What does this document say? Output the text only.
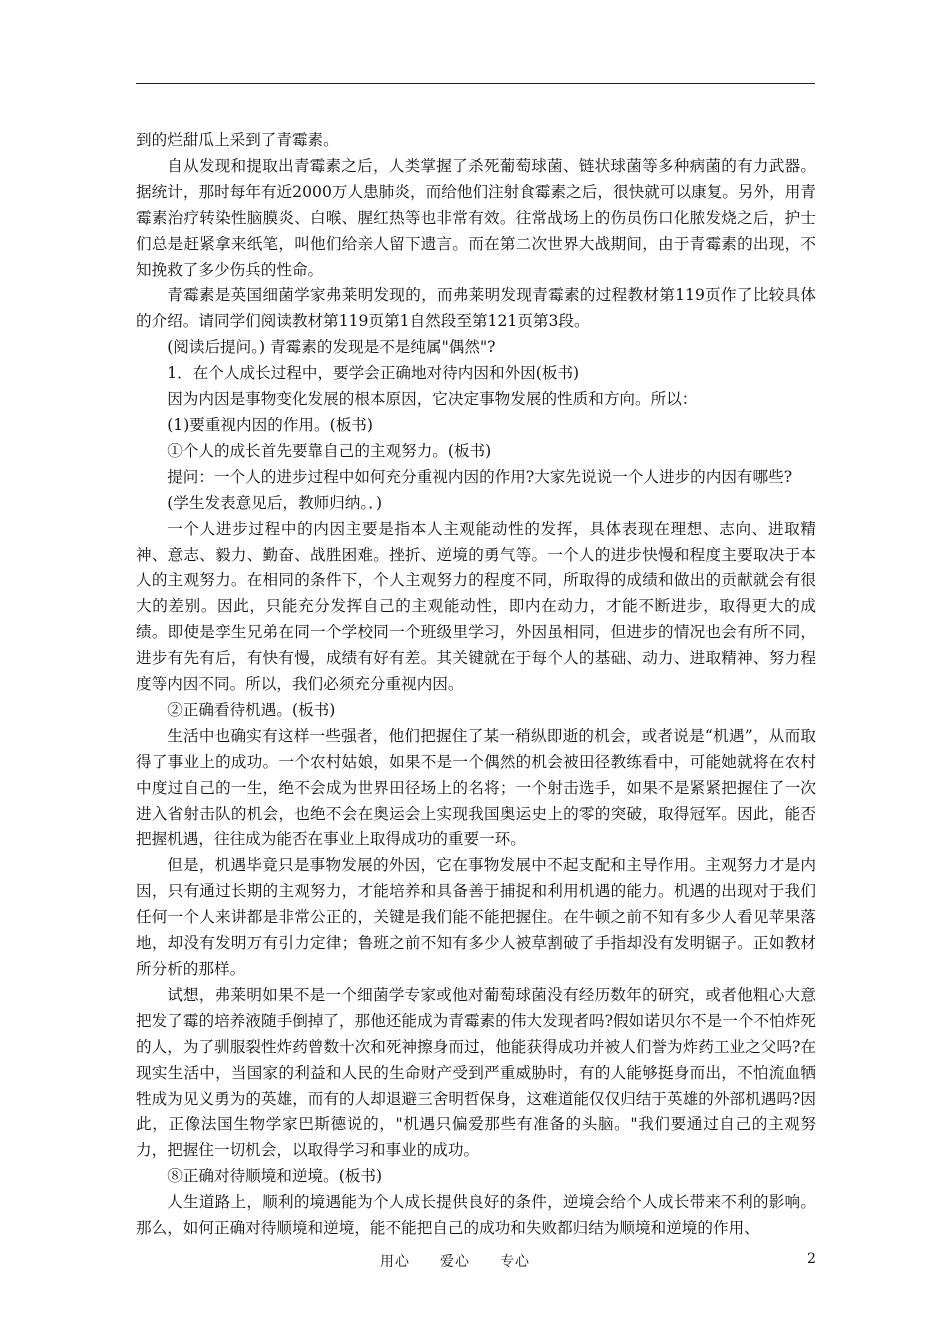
到的烂甜瓜上采到了青霉素。

自从发现和提取出青霉素之后，人类掌握了杀死葡萄球菌、链状球菌等多种病菌的有力武器。据统计，那时每年有近2000万人患肺炎，而给他们注射食霉素之后，很快就可以康复。另外，用青霉素治疗转染性脑膜炎、白喉、腥红热等也非常有效。往常战场上的伤员伤口化脓发烧之后，护士们总是赶紧拿来纸笔，叫他们给亲人留下遗言。而在第二次世界大战期间，由于青霉素的出现，不知挽救了多少伤兵的性命。

青霉素是英国细菌学家弗莱明发现的，而弗莱明发现青霉素的过程教材第119页作了比较具体的介绍。请同学们阅读教材第119页第1自然段至第121页第3段。

(阅读后提问。) 青霉素的发现是不是纯属"偶然"?

1．在个人成长过程中，要学会正确地对待内因和外因(板书)

因为内因是事物变化发展的根本原因，它决定事物发展的性质和方向。所以：

(1)要重视内因的作用。(板书)

①个人的成长首先要靠自己的主观努力。(板书)

提问：一个人的进步过程中如何充分重视内因的作用?大家先说说一个人进步的内因有哪些?

(学生发表意见后，教师归纳。．)

一个人进步过程中的内因主要是指本人主观能动性的发挥，具体表现在理想、志向、进取精神、意志、毅力、勤奋、战胜困难。挫折、逆境的勇气等。一个人的进步快慢和程度主要取决于本人的主观努力。在相同的条件下，个人主观努力的程度不同，所取得的成绩和做出的贡献就会有很大的差别。因此，只能充分发挥自己的主观能动性，即内在动力，才能不断进步，取得更大的成绩。即使是孪生兄弟在同一个学校同一个班级里学习，外因虽相同，但进步的情况也会有所不同，进步有先有后，有快有慢，成绩有好有差。其关键就在于每个人的基础、动力、进取精神、努力程度等内因不同。所以，我们必须充分重视内因。

②正确看待机遇。(板书)

生活中也确实有这样一些强者，他们把握住了某一稍纵即逝的机会，或者说是“机遇”，从而取得了事业上的成功。一个农村姑娘，如果不是一个偶然的机会被田径教练看中，可能她就将在农村中度过自己的一生，绝不会成为世界田径场上的名将；一个射击选手，如果不是紧紧把握住了一次进入省射击队的机会，也绝不会在奥运会上实现我国奥运史上的零的突破，取得冠军。因此，能否把握机遇，往往成为能否在事业上取得成功的重要一环。

但是，机遇毕竟只是事物发展的外因，它在事物发展中不起支配和主导作用。主观努力才是内因，只有通过长期的主观努力，才能培养和具备善于捕捉和利用机遇的能力。机遇的出现对于我们任何一个人来讲都是非常公正的，关键是我们能不能把握住。在牛顿之前不知有多少人看见苹果落地，却没有发明万有引力定律；鲁班之前不知有多少人被草割破了手指却没有发明锯子。正如教材所分析的那样。

试想，弗莱明如果不是一个细菌学专家或他对葡萄球菌没有经历数年的研究，或者他粗心大意把发了霉的培养液随手倒掉了，那他还能成为青霉素的伟大发现者吗?假如诺贝尔不是一个不怕炸死的人，为了驯服裂性炸药曾数十次和死神擦身而过，他能获得成功并被人们誉为炸药工业之父吗?在现实生活中，当国家的利益和人民的生命财产受到严重威胁时，有的人能够挺身而出，不怕流血牺牲成为见义勇为的英雄，而有的人却退避三舍明哲保身，这难道能仅仅归结于英雄的外部机遇吗?因此，正像法国生物学家巴斯德说的，"机遇只偏爱那些有准备的头脑。"我们要通过自己的主观努力，把握住一切机会，以取得学习和事业的成功。

⑧正确对待顺境和逆境。(板书)

人生道路上，顺利的境遇能为个人成长提供良好的条件，逆境会给个人成长带来不利的影响。那么，如何正确对待顺境和逆境，能不能把自己的成功和失败都归结为顺境和逆境的作用、

用心　　爱心　　专心	2
